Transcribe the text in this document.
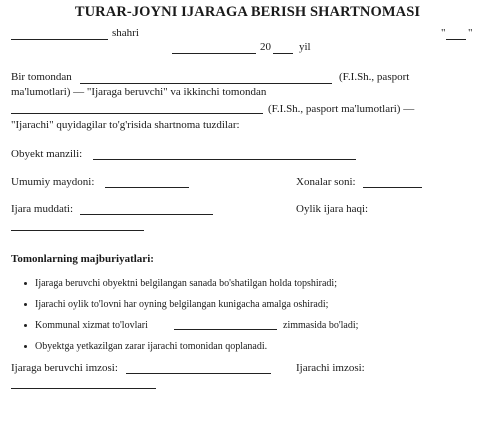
TURAR-JOYNI IJARAGA BERISH SHARTNOMASI
shahri	" "
20	yil
Bir tomondan	(F.I.Sh., pasport
ma'lumotlari) — "Ijaraga beruvchi" va ikkinchi tomondan
(F.I.Sh., pasport ma'lumotlari) —
"Ijarachi" quyidagilar to'g'risida shartnoma tuzdilar:
Obyekt manzili:
Umumiy maydoni:	Xonalar soni:
Ijara muddati:	Oylik ijara haqi:
Tomonlarning majburiyatlari:
Ijaraga beruvchi obyektni belgilangan sanada bo'shatilgan holda topshiradi;
Ijarachi oylik to'lovni har oyning belgilangan kunigacha amalga oshiradi;
Kommunal xizmat to'lovlari	zimmasida bo'ladi;
Obyektga yetkazilgan zarar ijarachi tomonidan qoplanadi.
Ijaraga beruvchi imzosi:	Ijarachi imzosi:
